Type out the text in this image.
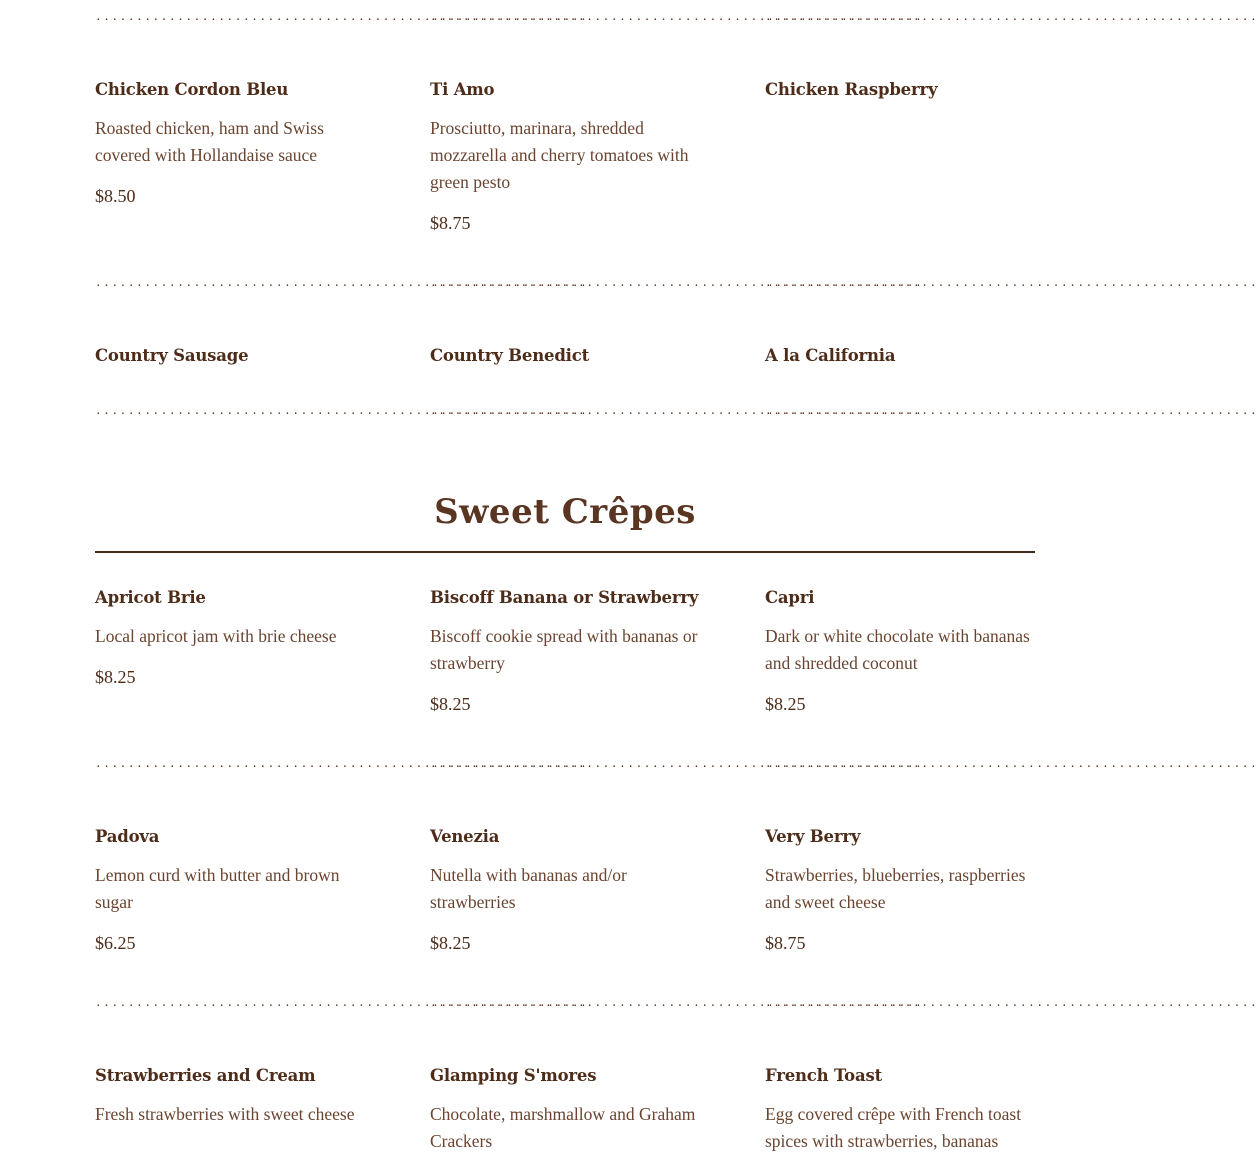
.....
.....
.....
Chicken Cordon Bleu

Roasted chicken, ham and Swiss covered with Hollandaise sauce

$8.50

Ti Amo

Prosciutto, marinara, shredded mozzarella and cherry tomatoes with green pesto

$8.75

Chicken Raspberry
.....
.....
.....
Country Sausage	Country Benedict	A la California
.....
.....
.....
Sweet Crêpes
Apricot Brie

Local apricot jam with brie cheese

$8.25

Biscoff Banana or Strawberry

Biscoff cookie spread with bananas or strawberry

$8.25

Capri

Dark or white chocolate with bananas and shredded coconut

$8.25

.....
.....
.....
Padova

Lemon curd with butter and brown sugar

$6.25

Venezia

Nutella with bananas and/or strawberries

$8.25

Very Berry

Strawberries, blueberries, raspberries and sweet cheese

$8.75

.....
.....
.....
Strawberries and Cream

Fresh strawberries with sweet cheese

Glamping S'mores

Chocolate, marshmallow and Graham Crackers

French Toast

Egg covered crêpe with French toast spices with strawberries, bananas
